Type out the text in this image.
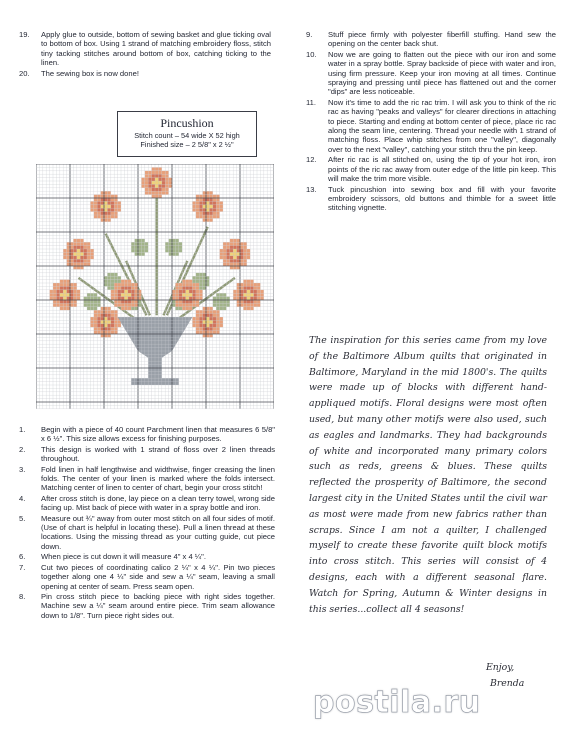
19. Apply glue to outside, bottom of sewing basket and glue ticking oval to bottom of box. Using 1 strand of matching embroidery floss, stitch tiny tacking stitches around bottom of box, catching ticking to the linen.
20. The sewing box is now done!
Pincushion
Stitch count – 54 wide X 52 high
Finished size – 2 5/8" x 2 ½"
9. Stuff piece firmly with polyester fiberfill stuffing. Hand sew the opening on the center back shut.
10. Now we are going to flatten out the piece with our iron and some water in a spray bottle. Spray backside of piece with water and iron, using firm pressure. Keep your iron moving at all times. Continue spraying and pressing until piece has flattened out and the corner "dips" are less noticeable.
11. Now it's time to add the ric rac trim. I will ask you to think of the ric rac as having "peaks and valleys" for clearer directions in attaching to piece. Starting and ending at bottom center of piece, place ric rac along the seam line, centering. Thread your needle with 1 strand of matching floss. Place whip stitches from one "valley", diagonally over to the next "valley", catching your stitch thru the pin keep.
12. After ric rac is all stitched on, using the tip of your hot iron, iron points of the ric rac away from outer edge of the little pin keep. This will make the trim more visible.
13. Tuck pincushion into sewing box and fill with your favorite embroidery scissors, old buttons and thimble for a sweet little stitching vignette.
1. Begin with a piece of 40 count Parchment linen that measures 6 5/8" x 6 ½". This size allows excess for finishing purposes.
2. This design is worked with 1 strand of floss over 2 linen threads throughout.
3. Fold linen in half lengthwise and widthwise, finger creasing the linen folds. The center of your linen is marked where the folds intersect. Matching center of linen to center of chart, begin your cross stitch!
4. After cross stitch is done, lay piece on a clean terry towel, wrong side facing up. Mist back of piece with water in a spray bottle and iron.
5. Measure out ¾" away from outer most stitch on all four sides of motif. (Use of chart is helpful in locating these). Pull a linen thread at these locations. Using the missing thread as your cutting guide, cut piece down.
6. When piece is cut down it will measure 4" x 4 ¼".
7. Cut two pieces of coordinating calico 2 ¼" x 4 ¼". Pin two pieces together along one 4 ¼" side and sew a ¼" seam, leaving a small opening at center of seam. Press seam open.
8. Pin cross stitch piece to backing piece with right sides together. Machine sew a ¼" seam around entire piece. Trim seam allowance down to 1/8". Turn piece right sides out.
The inspiration for this series came from my love of the Baltimore Album quilts that originated in Baltimore, Maryland in the mid 1800's. The quilts were made up of blocks with different hand-appliqued motifs. Floral designs were most often used, but many other motifs were also used, such as eagles and landmarks. They had backgrounds of white and incorporated many primary colors such as reds, greens & blues. These quilts reflected the prosperity of Baltimore, the second largest city in the United States until the civil war as most were made from new fabrics rather than scraps. Since I am not a quilter, I challenged myself to create these favorite quilt block motifs into cross stitch. This series will consist of 4 designs, each with a different seasonal flare. Watch for Spring, Autumn & Winter designs in this series...collect all 4 seasons!
Enjoy,
Brenda
postila.ru
